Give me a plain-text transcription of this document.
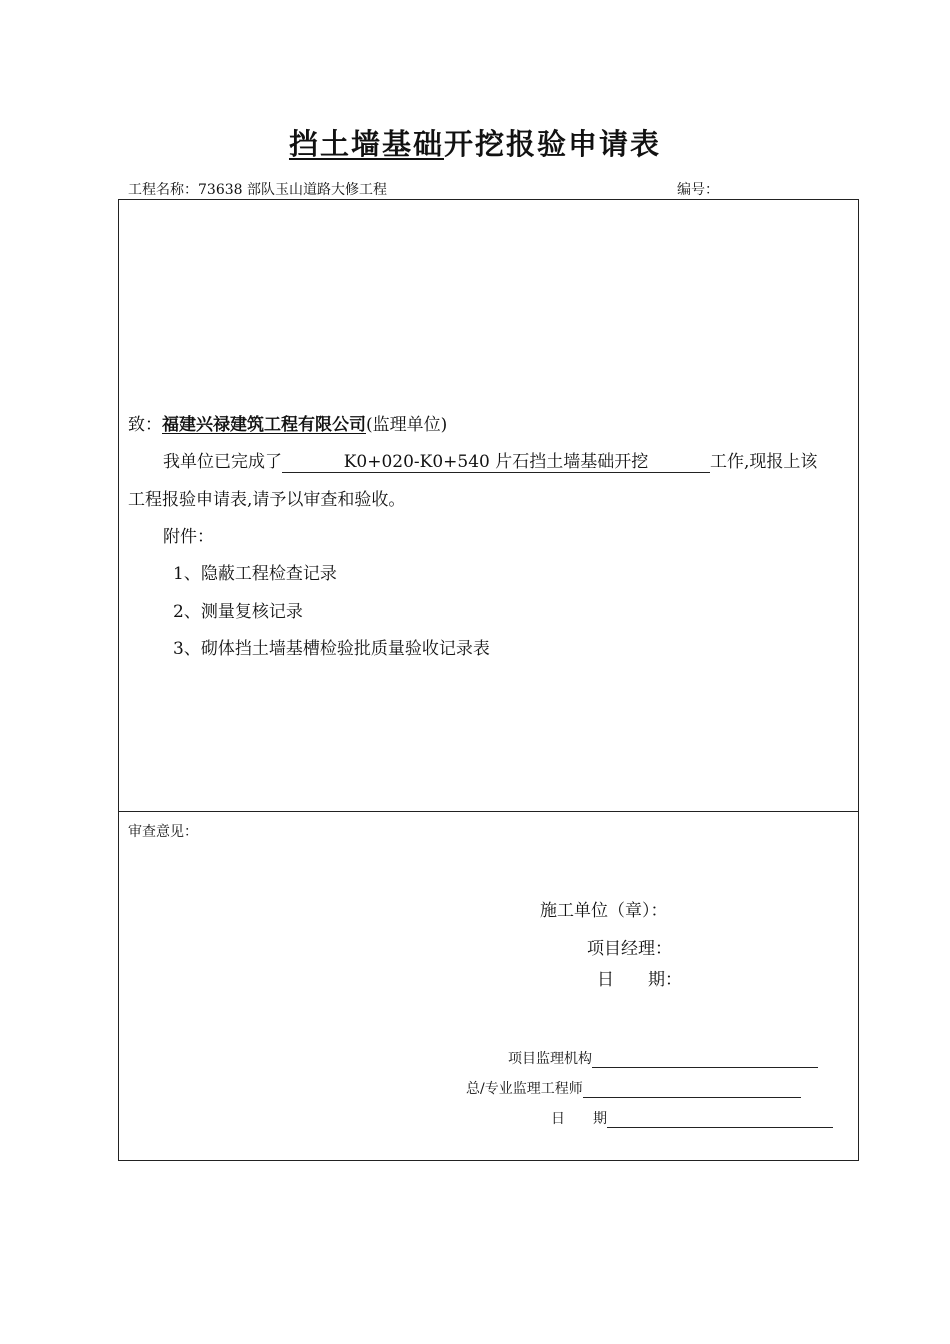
挡土墙基础开挖报验申请表
工程名称：73638 部队玉山道路大修工程	编号：
致：福建兴禄建筑工程有限公司(监理单位)
我单位已完成了	K0+020-K0+540 片石挡土墙基础开挖	工作,现报上该
工程报验申请表,请予以审查和验收。
附件：
1、隐蔽工程检查记录
2、测量复核记录
3、砌体挡土墙基槽检验批质量验收记录表
施工单位（章）：
项目经理：
日　　期：
审查意见：
项目监理机构
总/专业监理工程师
日　　期
